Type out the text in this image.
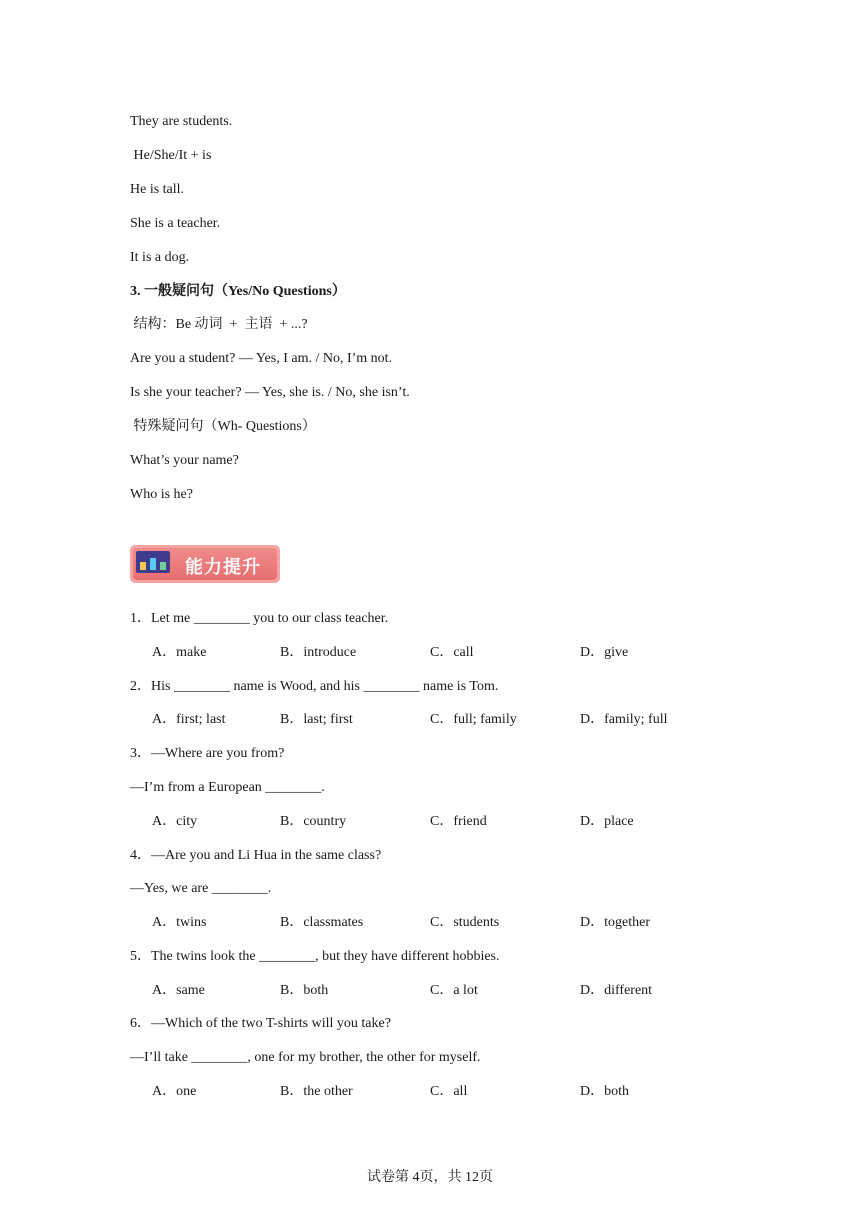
They are students.
He/She/It + is
He is tall.
She is a teacher.
It is a dog.
3. 一般疑问句（Yes/No Questions）
结构：Be 动词  +  主语  + ...?
Are you a student? — Yes, I am. / No, I’m not.
Is she your teacher? — Yes, she is. / No, she isn’t.
特殊疑问句（Wh- Questions）
What’s your name?
Who is he?
能力提升
1．Let me ________ you to our class teacher.
A．make	B．introduce	C．call	D．give
2．His ________ name is Wood, and his ________ name is Tom.
A．first; last	B．last; first	C．full; family	D．family; full
3．—Where are you from?
—I’m from a European ________.
A．city	B．country	C．friend	D．place
4．—Are you and Li Hua in the same class?
—Yes, we are ________.
A．twins	B．classmates	C．students	D．together
5．The twins look the ________, but they have different hobbies.
A．same	B．both	C．a lot	D．different
6．—Which of the two T-shirts will you take?
—I’ll take ________, one for my brother, the other for myself.
A．one	B．the other	C．all	D．both
试卷第 4页，共 12页
